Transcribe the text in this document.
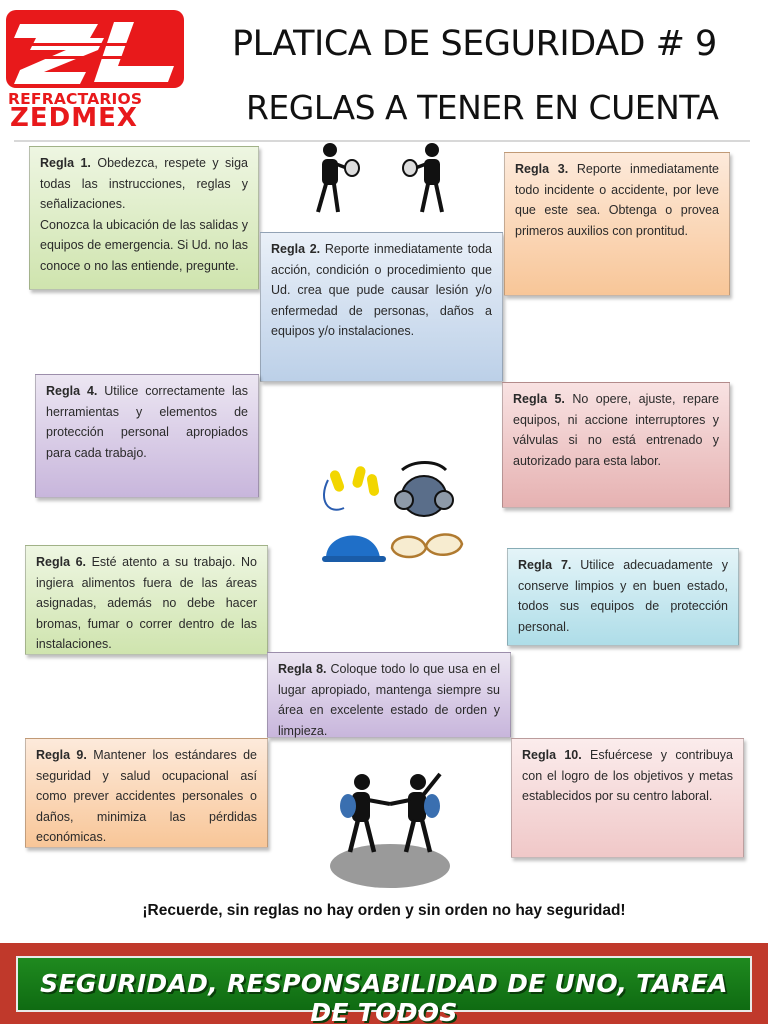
REFRACTARIOS
ZEDMEX
PLATICA DE SEGURIDAD # 9
REGLAS A TENER EN CUENTA
Regla 1. Obedezca, respete y siga todas las instrucciones, reglas y señalizaciones.
Conozca la ubicación de las salidas y equipos de emergencia. Si Ud. no las conoce o no las entiende, pregunte.
Regla 2. Reporte inmediatamente toda acción, condición o procedimiento que Ud. crea que pude causar lesión y/o enfermedad de personas, daños a equipos y/o instalaciones.
Regla 3. Reporte inmediatamente todo incidente o accidente, por leve que este sea. Obtenga o provea primeros auxilios con prontitud.
Regla 4. Utilice correctamente las herramientas y elementos de protección personal apropiados para cada trabajo.
Regla 5. No opere, ajuste, repare equipos, ni accione interruptores y válvulas si no está entrenado y autorizado para esta labor.
Regla 6. Esté atento a su trabajo. No ingiera alimentos fuera de las áreas asignadas, además no debe hacer bromas, fumar o correr dentro de las instalaciones.
Regla 7. Utilice adecuadamente y conserve limpios y en buen estado, todos sus equipos de protección personal.
Regla 8. Coloque todo lo que usa en el lugar apropiado, mantenga siempre su área en excelente estado de orden y limpieza.
Regla 9. Mantener los estándares de seguridad y salud ocupacional así como prever accidentes personales o daños, minimiza las pérdidas económicas.
Regla 10. Esfuércese y contribuya con el logro de los objetivos y metas establecidos por su centro laboral.
¡Recuerde, sin reglas no hay orden y sin orden no hay seguridad!
SEGURIDAD, RESPONSABILIDAD DE UNO, TAREA DE TODOS
